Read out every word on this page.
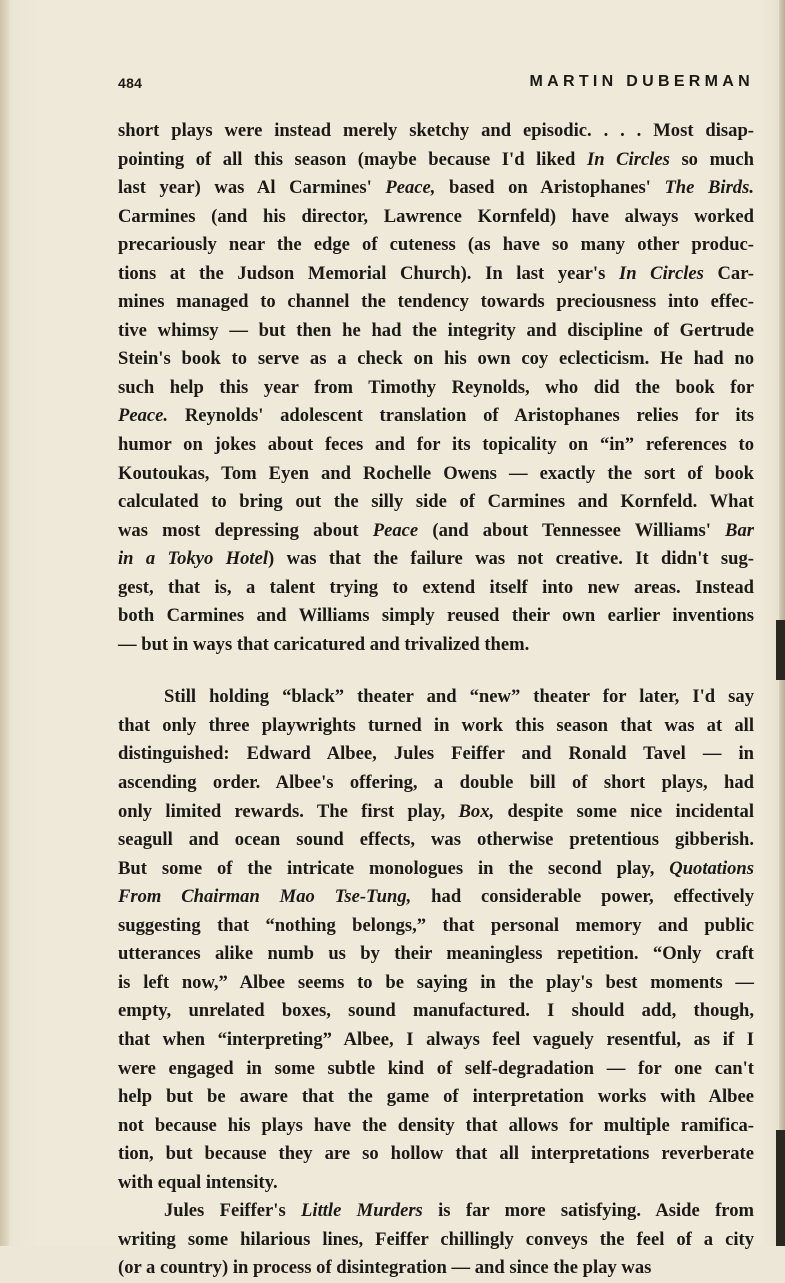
484	MARTIN DUBERMAN
short plays were instead merely sketchy and episodic. . . . Most disap-
pointing of all this season (maybe because I'd liked In Circles so much
last year) was Al Carmines' Peace, based on Aristophanes' The Birds.
Carmines (and his director, Lawrence Kornfeld) have always worked
precariously near the edge of cuteness (as have so many other produc-
tions at the Judson Memorial Church). In last year's In Circles Car-
mines managed to channel the tendency towards preciousness into effec-
tive whimsy — but then he had the integrity and discipline of Gertrude
Stein's book to serve as a check on his own coy eclecticism. He had no
such help this year from Timothy Reynolds, who did the book for
Peace. Reynolds' adolescent translation of Aristophanes relies for its
humor on jokes about feces and for its topicality on “in” references to
Koutoukas, Tom Eyen and Rochelle Owens — exactly the sort of book
calculated to bring out the silly side of Carmines and Kornfeld. What
was most depressing about Peace (and about Tennessee Williams' Bar
in a Tokyo Hotel) was that the failure was not creative. It didn't sug-
gest, that is, a talent trying to extend itself into new areas. Instead
both Carmines and Williams simply reused their own earlier inventions
— but in ways that caricatured and trivalized them.
Still holding “black” theater and “new” theater for later, I'd say
that only three playwrights turned in work this season that was at all
distinguished: Edward Albee, Jules Feiffer and Ronald Tavel — in
ascending order. Albee's offering, a double bill of short plays, had
only limited rewards. The first play, Box, despite some nice incidental
seagull and ocean sound effects, was otherwise pretentious gibberish.
But some of the intricate monologues in the second play, Quotations
From Chairman Mao Tse-Tung, had considerable power, effectively
suggesting that “nothing belongs,” that personal memory and public
utterances alike numb us by their meaningless repetition. “Only craft
is left now,” Albee seems to be saying in the play's best moments —
empty, unrelated boxes, sound manufactured. I should add, though,
that when “interpreting” Albee, I always feel vaguely resentful, as if I
were engaged in some subtle kind of self-degradation — for one can't
help but be aware that the game of interpretation works with Albee
not because his plays have the density that allows for multiple ramifica-
tion, but because they are so hollow that all interpretations reverberate
with equal intensity.
Jules Feiffer's Little Murders is far more satisfying. Aside from
writing some hilarious lines, Feiffer chillingly conveys the feel of a city
(or a country) in process of disintegration — and since the play was
